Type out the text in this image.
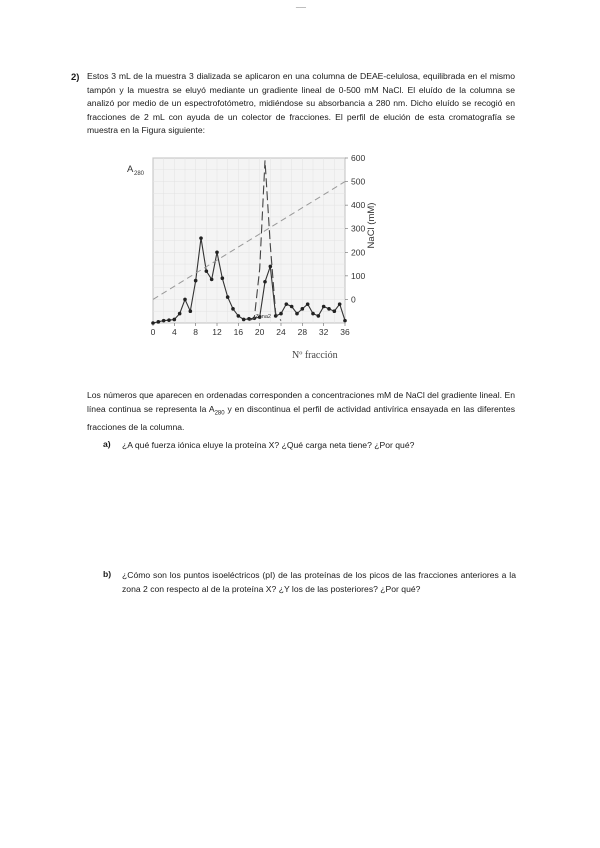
___
2) Estos 3 mL de la muestra 3 dializada se aplicaron en una columna de DEAE-celulosa, equilibrada en el mismo tampón y la muestra se eluyó mediante un gradiente lineal de 0-500 mM NaCl. El eluído de la columna se analizó por medio de un espectrofotómetro, midiéndose su absorbancia a 280 nm. Dicho eluído se recogió en fracciones de 2 mL con ayuda de un colector de fracciones. El perfil de elución de esta cromatografía se muestra en la Figura siguiente:
0 4 8 12 16 20 24 28 32 36
600
500
400
300
200
100
0
A 280
NaCl (mM)
Zona2
Nº fracción
Los números que aparecen en ordenadas corresponden a concentraciones mM de NaCl del gradiente lineal. En línea continua se representa la $A_{280}$ y en discontinua el perfil de actividad antivírica ensayada en las diferentes fracciones de la columna.
a) ¿A qué fuerza iónica eluye la proteína X? ¿Qué carga neta tiene? ¿Por qué?
b) ¿Cómo son los puntos isoeléctricos (pI) de las proteínas de los picos de las fracciones anteriores a la zona 2 con respecto al de la proteína X? ¿Y los de las posteriores? ¿Por qué?
